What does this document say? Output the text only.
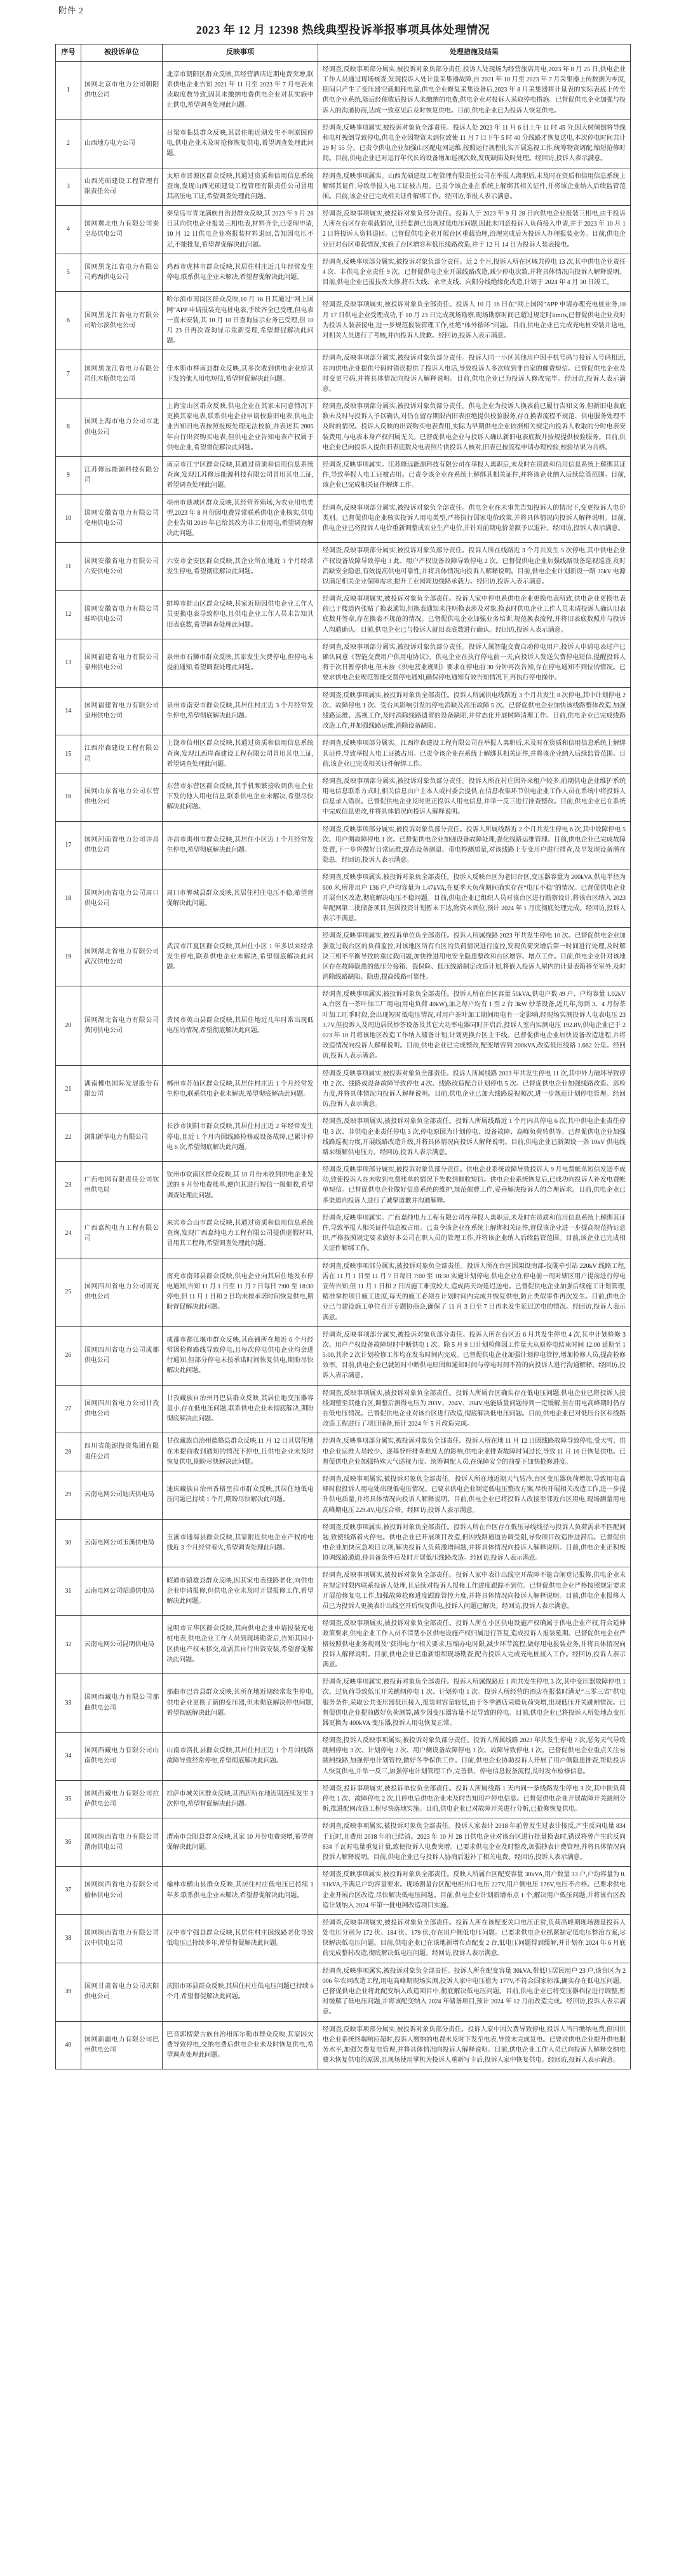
附件 2
2023 年 12 月 12398 热线典型投诉举报事项具体处理情况
序号	被投诉单位	反映事项	处理措施及结果
1	国网北京市电力公司朝阳供电公司	北京市朝阳区群众反映,其经营酒店近期电费突增,联系供电企业告知 2021 年 11 月至 2023 年 7 月电表未读取度数导致,因其未缴纳电费供电企业对其实施中止供电,希望调查处理此问题。	经调查,反映事项部分属实,被投诉对象负部分责任,投诉人处现场为经营旅店用电,2023 年 8 月 25 日,供电企业工作人员通过现场核查,发现投诉人处计量采集器故障,自 2021 年 10 月至 2023 年 7 月采集器上传数据为零度,期间只产生了变压器空载损耗电量,供电企业修复采集设备后,2023 年 8 月采集器将计量表的实际表底上传至供电企业系统,随后经催收后投诉人未缴纳的电费,供电企业对投诉人采取停电措施。已督促供电企业加强与投诉人的沟通协商,达成一致意见后及时恢复供电。目前,供电企业已为投诉人恢复供电。
2	山西地方电力公司	吕梁市临县群众反映,其居住地近期发生不明原因停电,供电企业未及时抢修恢复供电,希望调查处理此问题。	经调查,反映事项属实,被投诉对象负全部责任。投诉人处 2023 年 11 月 6 日上午 11 时 45 分,因大树倾倒将导线和电杆拽倒导致停电,供电企业因物资未到位致使 11 月 7 日下午 5 时 40 分线路才恢复送电,本次停电时间共计 29 时 55 分。已责令供电企业加强山区配电网运维,按照运行规程扎实开展巡视工作,统筹物资调配,缩短抢修时间。目前,供电企业已对运行年代长的设备增加巡视次数,发现缺陷及时处理。经回访,投诉人表示满意。
3	山西光硕建设工程管理有限责任公司	太原市晋源区群众反映,其通过资质和信用信息系统查询,发现山西光硕建设工程管理有限责任公司冒用其高压电工证,希望调查处理此问题。	经调查,反映事项属实。山西光硕建设工程管理有限责任公司在举报人离职后,未及时在资质和信用信息系统上解绑其证件,导致举报人电工证被占用。已责令该企业在系统上解绑其相关证件,并将该企业纳入后续监管范围。目前,该企业已完成相关证件解绑工作。经回访,举报人表示满意。
4	国网冀北电力有限公司秦皇岛供电公司	秦皇岛市青龙满族自治县群众反映,其 2023 年 9 月 28 日其向供电企业报装三相电表,材料齐全,已受理申请,10 月 12 日供电企业将报装材料退回,告知因电压不足,不能批复,希望督促解决此问题。	经调查,反映事项属实,被投诉对象负部分责任。投诉人于 2023 年 9 月 28 日向供电企业报装三相电,由于投诉人所在台区存在重载情况,且经监测已出现过低电压问题,因此未同意投诉人负荷接入申请,并于 2023 年 10 月 12 日将投诉人资料退回。已督促供电企业开展台区重载治理,治理完成后为投诉人办理报装业务。目前,供电企业针对台区重载情况,实施了台区增容和低压线路改造,并于 12 月 14 日为投诉人装表接电。
5	国网黑龙江省电力有限公司鸡西供电公司	鸡西市虎林市群众反映,其居住村庄近几年经常发生停电,联系供电企业未解决,希望督促解决此问题。	经调查,反映事项部分属实,被投诉对象负部分责任。近 2 个月,投诉人所在区域共停电 13 次,其中供电企业责任 4 次、非供电企业责任 9 次。已督促供电企业开展线路改造,减少停电次数,并将具体情况向投诉人解释说明。目前,供电企业已报技改大修,将石大线、永幸支线、向阳分线绝缘化改造,计划于 2024 年 4 月 30 日竣工。
6	国网黑龙江省电力有限公司哈尔滨供电公司	哈尔滨市南岗区群众反映,10 月 16 日其通过“网上国网”APP 申请报装充电桩电表,手续齐全已受理,但电表一直未安装,其 10 月 18 日查询显示业务已受理,但 10 月 23 日再次查询显示重新受理,希望督促解决此问题。	经调查,反映事项属实,被投诉对象负全部责任。投诉人 10 月 16 日在“网上国网”APP 申请办理充电桩业务,10 月 17 日供电企业受理成功,于 10 月 23 日完成现场勘察,现场勘察时间已超过规定时limits,已督促供电企业及时为投诉人装表接电,进一步规范报装管理工作,杜绝“体外循环”问题。目前,供电企业已完成充电桩安装并送电,对相关人员进行了考核,并向投诉人致歉。经回访,投诉人表示满意。
7	国网黑龙江省电力有限公司佳木斯供电公司	佳木斯市桦南县群众反映,其多次收到供电企业给其下发的他人用电短信,希望督促解决此问题。	经调查,反映事项部分属实,被投诉对象负部分责任。投诉人同一小区其他用户因手机号码与投诉人号码相近,在向供电企业提供号码时错误提供了投诉人电话,导致投诉人多次收到非自家的催费短信。已督促供电企业及时变更号码,并将具体情况向投诉人解释说明。目前,供电企业已为投诉人修改完毕。经回访,投诉人表示满意。
8	国网上海市电力公司市北供电公司	上海宝山区群众反映,供电企业在其家未同意情况下更换其家电表,联系供电企业申请校验旧电表,供电企业告知旧电表按照报废处理无法校验,并表述其 2005 年自行出资购买电表,但供电企业告知电表产权属于供电企业,希望督促解决此问题。	经调查,反映事项部分属实,被投诉对象负部分责任。供电企业为投诉人换表前已履行告知义务,但新旧电表底数未及时与投诉人予以确认,对仍在留存期限内旧表拒绝提供校验服务,存在换表流程不规范、供电服务处理不及时的情况。投诉人反映的出资购买电表费用,实际为早期供电企业依据相关规定向投诉人收取的分时电表安装费用,与电表本身产权归属无关。已督促供电企业与投诉人确认新旧电表底数并按规提供校验服务。目前,供电企业已向投诉人提供旧表底数及电表照片供投诉人核对,旧表已按流程申请办理校验,校验结果为合格。
9	江苏修远能源科技有限公司	南京市江宁区群众反映,其通过资质和信用信息系统查询,发现江苏修远能源科技有限公司冒用其电工证,希望调查处理此问题。	经调查,反映事项属实。江苏修远能源科技有限公司在举报人离职后,未及时在资质和信用信息系统上解绑其证件,导致举报人电工证被占用。已责令该企业在系统上解绑其相关证件,并将该企业纳入后续监管范围。目前,该企业已完成相关证件解绑工作。
10	国网安徽省电力有限公司亳州供电公司	亳州市谯城区群众反映,其经营养殖场,为农业用电类型,2023 年 8 月份因电费异常联系供电企业核实,供电企业告知 2019 年已给其改为非工业用电,希望调查解决此问题。	经调查,反映事项部分属实,被投诉对象负全部责任。供电企业在未事先告知投诉人的情况下,变更投诉人电价类别。已督促供电企业核实投诉人用电类型,严格执行国家电价政策,并将具体情况向投诉人解释说明。目前,供电企业已将投诉人电价重新调整成农业生产电价,并针对前期电价差额予以退补。经回访,投诉人表示满意。
11	国网安徽省电力有限公司六安供电公司	六安市金安区群众反映,其企业所在地近 3 个月经常发生停电,希望彻底解决此问题。	经调查,反映事项部分属实,被投诉对象负部分责任。投诉人所在线路近 3 个月共发生 5 次停电,其中供电企业产权设备故障导致停电 3 此、用户产权设备故障导致停电 2 次。已督促供电企业加强线路设备巡视巡查,及时消缺安全隐患,有效提高供电可靠性,并将具体情况向投诉人解释说明。目前,供电企业计划新设一路 35kV 电源以满足相关企业保障需求,提升工业园周边线路承载力。经回访,投诉人表示满意。
12	国网安徽省电力有限公司蚌埠供电公司	蚌埠市蚌山区群众反映,其家近期因供电企业工作人员更换电表导致停电,且供电企业工作人员未告知其旧表底数,希望调查处理此问题。	经调查,反映事项属实,被投诉对象负全部责任。投诉人家中停电系供电企业更换电表所致,供电企业更换电表前已于楼道内张贴了换表通知,但换表通知未注明换表涉及对象,换表时供电企业工作人员未请投诉人确认旧表底数并签章,存在换表不规范的情况。已督促供电企业加强业务培训,规范换表流程,并将旧表底数照片与投诉人沟通确认。目前,供电企业已与投诉人就旧表底数进行确认。经回访,投诉人表示满意。
13	国网福建省电力有限公司泉州供电公司	泉州市石狮市群众反映,其家发生欠费停电,但停电未提前通知,希望调查处理此问题。	经调查,反映事项部分属实,被投诉对象负部分责任。投诉人属智能交费自动停电用户,投诉人申请电表过户已确认同意《智能交费用户供用电协议》。供电企业在执行停电前一天,向投诉人发送欠费停电短信,提醒投诉人将于次日暂停供电,但未按《供电营业规则》要求在停电前 30 分钟再次告知,存在停电通知不到位的情况。已要求供电企业规范智能交费停电通知,确保停电通知有效告知情况下,再执行停电操作。
14	国网福建省电力有限公司泉州供电公司	泉州市南安市群众反映,其居住村庄近 3 个月经常发生停电,希望彻底解决此问题。	经调查,反映事项属实,被投诉对象负全部责任。投诉人所属供电线路近 3 个月共发生 8 次停电,其中计划停电 2 次、故障停电 1 次、受台风影响引发的停电消缺及高压故障 5 次。已督促供电企业加快该线路整体改造,加强线路运维、巡视工作,及时消除线路遗留的设备缺陷,并常态化开展树障清理工作。目前,供电企业已完成线路改造工作,并加强线路运维,消除设备缺陷。
15	江西岸森建设工程有限公司	上饶市信州区群众反映,其通过资质和信用信息系统查询,发现江西岸森建设工程有限公司冒用其电工证,希望调查处理此问题。	经调查,反映事项部分属实。江西岸森建设工程有限公司在举报人离职后,未及时在资质和信用信息系统上解绑其证件,导致举报人电工证被占用。已责令该企业在系统上解绑其相关证件,并将该企业纳入后续监管范围。目前,该企业已完成相关证件解绑工作。
16	国网山东省电力公司东营供电公司	东营市东营区群众反映,其手机频繁接收到供电企业下发的他人用电信息,联系供电企业未解决,希望尽快解决此问题。	经调查,反映事项部分属实,被投诉对象负部分责任。投诉人所在村庄因外来租户较多,前期供电企业维护系统用电信息联系方式时,相关信息由户主本人或村委会提供,在信息收集环节供电企业工作人员在系统中将投诉人信息录入错误。已督促供电企业及时更正投诉人用电信息,并举一反三进行排查整改。目前,供电企业已在系统中完成信息更改,并将具体情况向投诉人解释说明。
17	国网河南省电力公司许昌供电公司	许昌市禹州市群众反映,其居住小区近 1 个月经常发生停电,希望彻底解决此问题。	经调查,反映事项部分属实,被投诉对象负部分责任。投诉人所属线路近 2 个月共发生停电 6 次,其中故障停电 5 次、用户侧故障停电 1 次。已督促供电企业加强设备故障处理,强化线路运维管理。目前,供电企业已完成故障处置,下一步将做好日常运维,提高设备测温、带电检测质量,对该线路上专变用户进行排查,及早发现设备潜在隐患。经回访,投诉人表示满意。
18	国网河南省电力公司周口供电公司	周口市郸城县群众反映,其居住村庄电压不稳,希望督促解决此问题。	经调查,反映事项属实,被投诉对象负全部责任。投诉人反映台区为老旧台区,变压器容量为 200kVA,供电半径为 600 米,所带用户 136 户,户均容量为 1.47kVA,在夏季大负荷期间确实存在“电压不稳”的情况。已督促供电企业开展台区改造,彻底解决电压不稳问题。目前,供电企业已组织人员对该台区进行勘察设计,将该台区纳入 2023 年配网第二批储备项目,但因投资计划暂未下达,物资未到位,预计 2024 年 1 月底彻底处理完成。经回访,投诉人表示不满意。
19	国网湖北省电力有限公司武汉供电公司	武汉市江夏区群众反映,其居住小区 1 年多以来经常发生停电,联系供电企业未解决,希望彻底解决此问题。	经调查,反映事项属实,被投诉单位负全部责任。投诉人所属线路 2023 年共发生停电 10 次。已督促供电企业加强重过载台区的负荷监控,对该地区所有台区的负荷情况进行监控,发现负荷突增后第一时间进行处理,及时解决三相不平衡导致的重过载问题,加快推进用电安全隐患整改和台区增容、增点工作。目前,供电企业针对该地区存在故障隐患的低压分接箱、瓷保险、低压线路制定改造计划,将嵌入投诉人屋内的计量表箱移至室外,及时消除线路缺陷、隐患,提高线路可靠性。
20	国网湖北省电力有限公司黄冈供电公司	黄冈市英山县群众反映,其居住地近几年时常出现低电压的情况,希望彻底解决此问题。	经调查,反映事项属实,被投诉对象负全部责任。投诉人所在台区容量 50kVA,供电户数 49 户、户均容量 1.02kVA,台区有一茶叶加工厂用电(用电负荷 40kW),加之每户均有 1 至 2 台 3kW 炒茶设备,近几年,每到 3、4 月份茶叶加工旺季时段,会出现短时低电压情况,对用户茶叶加工期间用电有一定影响,经现场实测投诉人电表电压 233.7V,但投诉人及周边居民炒茶设备及其它大功率电器同时开启后,投诉人室内实测电压 192.8V,供电企业已于 2023 年 10 月将该地区改造工作纳入储备计划,计划更换台区主干线。已督促供电企业加快设备改造进程,并将改造情况向投诉人解释说明。目前,供电企业已完成整改,配变增容到 200kVA,改造低压线路 1.662 公里。经回访,投诉人表示满意。
21	湖南郴电国际发展股份有限公司	郴州市苏仙区群众反映,其居住村庄近 1 个月经常发生停电,联系供电企业未解决,希望彻底解决此问题。	经调查,反映事项属实,被投诉对象负全部责任。投诉人所属线路 2023 年共发生停电 11 次,其中外力破坏导致停电 2 次、线路或设备故障导致停电 4 次、线路改造配合计划停电 5 次。已督促供电企业加强线路改造、巡检力度,并将具体情况向投诉人解释说明。目前,供电企业已加大线路巡视频次,进一步规范计划停电管理。经回访,投诉人表示满意。
22	浏阳新华电力有限公司	长沙市浏阳市群众反映,其居住村庄近 2 年经常发生停电,且近 1 个月内因线路检修或设备故障,已累计停电 6 次,希望彻底解决此问题。	经调查,反映事项属实,被投诉对象负全部责任。投诉人所属线路近 1 个月内共停电 6 次,其中供电企业责任停电 3 次、非供电企业责任停电 3 次,停电原因为计划停电、设备故障、高峰负荷转供等。已督促供电企业加强线路巡视力度,开展线路改造升级,并将具体情况向投诉人解释说明。目前,供电企业已新架设一条 10kV 供电线路来缓解供电压力。经回访,投诉人表示满意。
23	广西电网有限责任公司钦州供电局	钦州市钦南区群众反映,其 10 月份未收到供电企业发送的 9 月份电费账单,便向其进行短信一级催收,希望调查处理此问题。	经调查,反映事项部分属实,被投诉对象负部分责任。供电企业系统故障导致投诉人 9 月电费帐单短信发送不成功,致使投诉人在未收到电费账单的情况下先收到催收短信。供电企业系统恢复后,已成功向投诉人补发电费帐单短信。已督促供电企业做好信息系统的维护,规范催費工作,妥善解决投诉人的合理诉求。目前,供电企业已多渠道向投诉人进行了诚挚道歉并沟通解释。
24	广西嘉纯电力工程有限公司	来宾市合山市群众反映,其通过资质和信用信息系统查询,发现广西嘉纯电力工程有限公司提供虚假材料,冒用其工程师,希望调查处理此问题。	经调查,反映事项属实。广西嘉纯电力工程有限公司在举报人离职后,未及时在资质和信用信息系统上解绑其证件,导致举报人相关证件信息被占用。已责令该企业在系统上解绑相关证件,督促该企业进一步提高规范持证意识,严格按照规定要求做好本公司在职人员的管理工作,并将该企业纳入后续监管范围。目前,该企业已完成相关证件解绑工作。
25	国网四川省电力公司南充供电公司	南充市南部县群众反映,供电企业向其居住地发布停电通知,告知 11 月 1 日至 11 月 7 日每日 7:00 至 18:30 停电,但 11 月 1 日和 2 日均未按承诺时间恢复供电,期盼督促解决此问题。	经调查,反映事项部分属实,被投诉对象负全部责任。投诉人所在台区因架设南部-仪陇牵引站 220kV 线路工程,需在 11 月 1 日至 11 月 7 日每日 7:00 至 18:30 实施计划停电,供电企业在停电前一周对辖区用户提前进行停电宣传告知,但 11 月 1 日和 2 日因施工难度较大,造成两天均延迟送电。已督促供电企业加强后续施工计划管理,精准掌控项目施工进度,每天的施工必须在计划时间内完成并恢复供电,防止类似事件再次发生。目前,供电企业已与建设施工单位召开专题协商会,确保了 11 月 3 日至 7 日再未发生延迟送电的情况。经回访,投诉人表示满意。
26	国网四川省电力公司成都供电公司	成都市都江堰市群众反映,其商铺所在地近 6 个月经常因检修路线导致停电,且每次停电供电企业均会进行通知,但部分停电未按承诺时间恢复供电,期盼尽快解决此问题。	经调查,反映事项部分属实,被投诉对象负部分责任。投诉人所在台区近 6 月共发生停电 4 次,其中计划检修 3 次、用户产权设备故障短时中断供电 1 次。除 5 月 9 日计划检修因工作量大从原停电结束时间 12:00 延期至 15:00,其余 2 次计划检修工作均在发布时间内完成。已督促供电企业加强计划停电管控,增加检修人员,提高检修效率。目前,供电企业已就短时中断供电原因和通知时间与停电时间不符的向投诉人进行沟通解释。经回访,投诉人表示满意。
27	国网四川省电力公司甘孜供电公司	甘孜藏族自治州丹巴县群众反映,其居住地变压器容量小,存在低电压问题,联系供电企业未彻底解决,期盼彻底解决此问题。	经调查,反映事项属实,被投诉对象负全部责任。投诉人所属台区确实存在低电压问题,供电企业已将投诉人接线调整至其他台区,调整后测得电压为 203V、204V、204V,电能质量问题得到一定缓解,但在用电高峰期时仍存在低电压情况。已督促供电企业对该台区进行改造,彻底解决低电压问题。目前,供电企业已对低压台区和线路改造工程进行了项目储备,预计 2024 年 5 月改造完成。
28	四川省能源投资集团有限责任公司	甘孜藏族自治州德格县群众反映,11 月 12 日其居住地在未提前收到通知的情况下停电,且供电企业未及时恢复供电,期盼尽快解决此问题。	经调查,反映事项部分属实,被投诉对象负全部责任。投诉人所在地 11 月 12 日因线路故障导致停电,受大雪、供电企业运维人员较少、逐基登杆排查难度大的影响,供电企业排查故障时间过长,导致 11 月 16 日恢复供电。已督促供电企业加强特殊天气巡视力度、统筹调配人员,在保障安全的前提下加快抢修进度。
29	云南电网公司迪庆供电局	迪庆藏族自治州香格里拉市群众反映,其居住地低电压问题已持续 1 个月,期盼尽快解决此问题。	经调查,反映事项属实,被投诉对象负全部责任。投诉人所在地近期天气转冷,台区变压器负荷增加,导致用电高峰时段投诉人用电处出现低电压情况。已要求供电企业制定低电压整改方案,尽快开展相关改造工作,进一步提升供电质量,并将具体情况向投诉人解释说明。目前,供电企业已将投诉人改接至邻近台区用电,现场测量用电高峰期电压 229.4V,电压合格。经回访,投诉人表示满意。
30	云南电网公司玉溪供电局	玉溪市通海县群众反映,其家附近供电企业产权的电线近 3 个月经常着火,希望调查处理此问题。	经调查,反映事项属实,被投诉对象负全部责任。投诉人所在台区存在低压导线线径与投诉人负荷需求不匹配问题,致使线路着火停电。供电企业已开展项目改造,但因线路通道协调受阻,导致项目改造推进滞后。已督促供电企业加快应急项目立项,解决投诉人负荷激增问题,并将具体情况向投诉人解释说明。目前,供电企业正积极协调线路通道,待具备条件后及时开展低压线路改造。经回访,投诉人表示满意。
31	云南电网公司昭通供电局	昭通市镇雄县群众反映,因其家电表线路老化,向供电企业申请报修,但供电企业未及时开展报修工作,希望解决此问题。	经调查,反映事项属实,被投诉对象负全部责任。投诉人家中表计出线空开故障不能合闸登记报修,供电企业未在规定时限内联系投诉人处理,且后续对投诉人报修工作进度跟踪不到位。已督促供电企业严格按照规定要求开展抢修复电工作,加强故障抢修进度跟踪管控力度,并将具体情况向投诉人解释说明。目前,供电企业报修人员已为投诉人更换表计出线空开后恢复供电,投诉人问题已解决。经回访,投诉人表示满意。
32	云南电网公司昆明供电局	昆明市五华区群众反映,其向供电企业申请报装充电桩电表,供电企业工作人员到现场勘查后,告知其因小区供电产权未移交,故需其自行出资安装,希望督促解决此问题。	经调查,反映事项属实,被投诉对象负全部责任。投诉人所在小区供电设施产权确属于供电企业产权,符合延伸政策要求,供电企业工作人员不清楚小区供电设施产权归属进行答复,造成投诉人报装延期。已督促供电企业严格按照供电业务规则及“获得电力”相关要求,压缩办电时限,减少环节流程,做好用电报装业务,并将具体情况向投诉人解释说明。目前,供电企业已重新组织现场勘查,配合投诉人完成充电桩接入工作。经回访,投诉人表示满意。
33	国网西藏电力有限公司那曲供电公司	那曲市巴青县群众反映,其所在地近期经常发生停电,供电企业更换了新的变压器,但未彻底解决停电问题,希望彻底解决此问题。	经调查,反映事项属实,被投诉对象负全部责任。投诉人所属线路近 1 周共发生停电 3 次,其中变压器故障停电 1 次、过负荷导致低压开关跳闸停电 1 次、计划停电 1 次。投诉人所经营的酒店在报装时满足“三零三省”供电服务条件,采取公共变压器低压接入,报装时容量较低,由于冬季酒店采暖负荷突增,出现低压开关跳闸情况。已督促供电企业提前做好负荷测算,减少因变压器容量不足导致的停电。目前,供电企业已将投诉人所处地点变压器更换为 400kVA 变压器,投诉人用电恢复正常。
34	国网西藏电力有限公司山南供电公司	山南市洛扎县群众反映,其居住村庄近 1 个月因线路故障导致经常停电,希望彻底解决此问题。	经调查,投诉人反映事项属实,被投诉对象负部分责任。投诉人所属线路 2023 年共发生停电 7 次,恶劣天气导致跳闸停电 3 次、计划停电 2 次、用户侧设备故障停电 1 次、故障导致停电 1 次。已督促供电企业重点关注易跳闸线路,加强停电计划管控,做好冬季保供工作。目前,供电企业协助投诉人开展了用户侧隐患排查,帮助投诉人恢复供电,并举一反三,加强停电计划管理工作,完善供、停电信息报备流程,及时发布检修信息。
35	国网西藏电力有限公司拉萨供电公司	拉萨市城关区群众反映,其酒店所在地近期连续发生 3 次停电,希望督促解决此问题。	经调查,投诉事项属实,被投诉单位负全部责任。投诉人所属线路 1 天内同一条线路发生停电 3 次,其中倒负荷停电 1 次、故障停电 2 次,且停电后供电企业未及时告知用户停电信息。已督促供电企业开展故障开关跳闸分析,推进配网改造工程尽快落地实施。目前,供电企业已对故障开关进行分析,已抢修恢复供电。
36	国网陕西省电力有限公司渭南供电公司	渭南市合阳县群众反映,其家 10 月份电费突增,希望督促解决此问题。	经调查,反映事项属实,被投诉对象负全部责任。投诉人家表计 2018 年前曾发生过表计接反,产生反向电量 834 千瓦时,且费用 2018 年前已结清。2023 年 10 月 28 日供电企业对该台区进行批量换表时,错误将曾产生的反向 834 千瓦时电量重复计量,致使投诉人电费突增。已要求供电企业及时整改,加强抄表计费管理,并将具体情况向投诉人解释说明。目前,供电企业已与投诉人协商后退补了相关电费。经回访,投诉人表示满意。
37	国网陕西省电力有限公司榆林供电公司	榆林市横山县群众反映,其居住村庄低电压已持续 1 年多,联系供电企业未解决,希望督促解决此问题。	经调查,反映事项属实,被投诉对象负全部责任。反映人所属台区配变容量 30kVA,用户数量 33 户,户均容量为 0.91kVA,不满足户均容量要求。现场测量台区配电柜出口电压 227V,用户侧电压 176V,电压不合格。已要求供电企业开展台区改造,尽快解决低电压问题。目前,供电企业计划新增布点 1 个,解决用户低压问题,并将该台区改造计划纳入 2024 年第一批电网改造项目实施。
38	国网陕西省电力有限公司汉中供电公司	汉中市宁强县群众反映,其居住村庄因线路老化导致低电压已持续多年,希望督促解决此问题。	经调查,反映事项属实,被投诉对象负全部责任。投诉人所在该配变关口电压正常,负荷高峰期现场测量投诉人处电压分别为 172 伏、184 伏、179 伏,存在用户侧低电压问题。已要求供电企业抓紧制定低电压整治方案,尽快解决低电压问题。目前,供电企业已在该地新增布点配变 2 台,低电压问题得到缓解,并计划在 2024 年 6 月底前完成整村改造,彻底解决低电压问题。经回访,投诉人表示满意。
39	国网甘肃省电力公司庆阳供电公司	庆阳市环县群众反映,其居住村庄低电压问题已持续 6 个月,希望督促解决此问题。	经调查,反映事项属实,被投诉对象负全部责任。投诉人所在配变容量 30kVA,带低压居民用户 23 户,该台区为 2006 年农网改造工程,用电高峰期现场实测,投诉人家中电压值为 177V,不符合国家标准,确实存在低电压问题。已督促供电企业将此配变纳入改造项目中,彻底解决低电压问题。目前,供电企业已将变压器档位进行调整,暂时缓解了低电压问题,并将该配变纳入 2024 年储备项目,预计 2024 年 12 月前改造完成。经回访,投诉人表示满意。
40	国网新疆电力有限公司巴州供电公司	巴音郭楞蒙古族自治州库尔勒市群众反映,其家因欠费导致停电,交纳电费后供电企业未及时恢复供电,希望调查处理此问题。	经调查,反映事项部分属实,被投诉对象负部分责任。投诉人家中因欠费导致停电,投诉人当日缴纳电费,但因供电企业系统终端响应超时,投诉人缴纳的电费未及时下发至电表,导致未完成复电。已要求供电企业提升供电服务水平,加强欠费复电管理,并将具体情况向投诉人解释说明。目前,供电企业工作人员已向投诉人解释交纳电费未恢复供电的原因,且现场使用掌机为投诉人重新写卡后,投诉人家中恢复供电。经回访,投诉人表示满意。
